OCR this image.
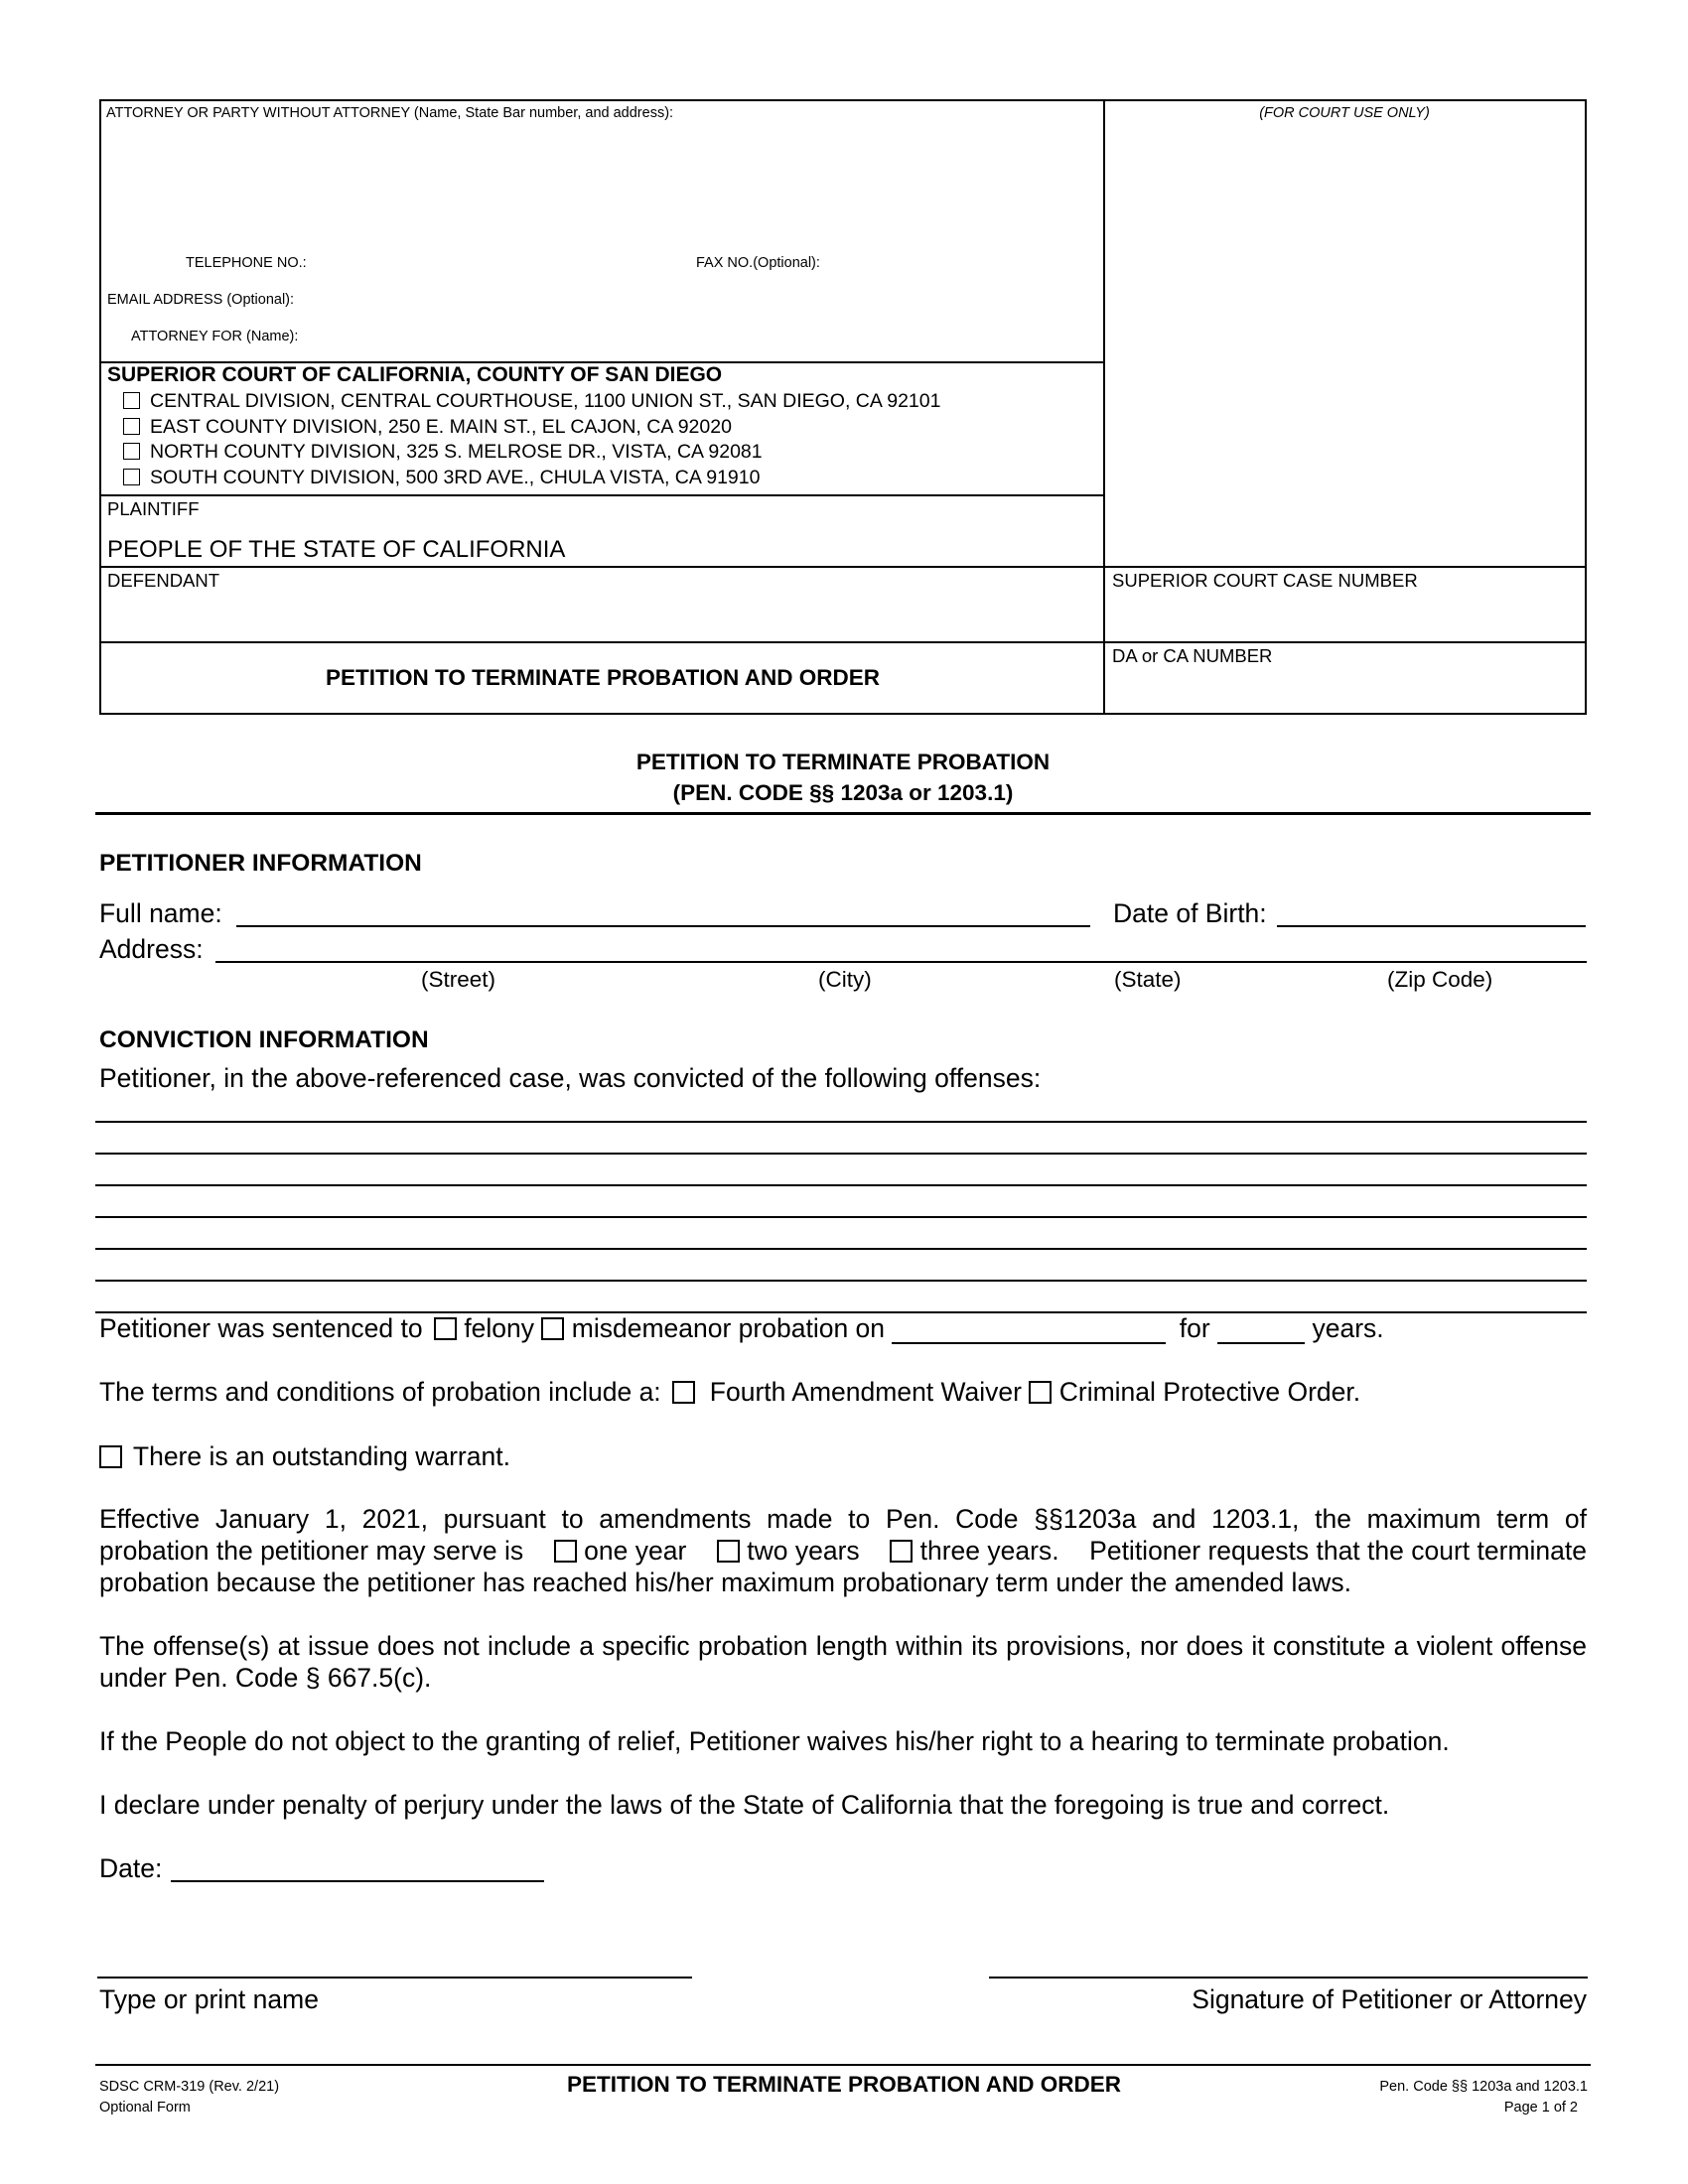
ATTORNEY OR PARTY WITHOUT ATTORNEY (Name, State Bar number, and address):	(FOR COURT USE ONLY)
TELEPHONE NO.:	FAX NO.(Optional):
EMAIL ADDRESS (Optional):
ATTORNEY FOR (Name):
SUPERIOR COURT OF CALIFORNIA, COUNTY OF SAN DIEGO
CENTRAL DIVISION, CENTRAL COURTHOUSE, 1100 UNION ST., SAN DIEGO, CA 92101
EAST COUNTY DIVISION, 250 E. MAIN ST., EL CAJON, CA 92020
NORTH COUNTY DIVISION, 325 S. MELROSE DR., VISTA, CA 92081
SOUTH COUNTY DIVISION, 500 3RD AVE., CHULA VISTA, CA 91910
PLAINTIFF
PEOPLE OF THE STATE OF CALIFORNIA
DEFENDANT	SUPERIOR COURT CASE NUMBER
PETITION TO TERMINATE PROBATION AND ORDER
DA or CA NUMBER
PETITION TO TERMINATE PROBATION
(PEN. CODE §§ 1203a or 1203.1)
PETITIONER INFORMATION
Full name:	Date of Birth:
Address:
(Street)	(City)	(State)	(Zip Code)
CONVICTION INFORMATION
Petitioner, in the above-referenced case, was convicted of the following offenses:
Petitioner was sentenced to felony misdemeanor probation on	for	years.
The terms and conditions of probation include a: Fourth Amendment Waiver Criminal Protective Order.
There is an outstanding warrant.
Effective January 1, 2021, pursuant to amendments made to Pen. Code §§1203a and 1203.1, the maximum term of
probation the petitioner may serve is	one year	two years	three years. Petitioner requests that the court terminate
probation because the petitioner has reached his/her maximum probationary term under the amended laws.
The offense(s) at issue does not include a specific probation length within its provisions, nor does it constitute a violent offense under Pen. Code § 667.5(c).
If the People do not object to the granting of relief, Petitioner waives his/her right to a hearing to terminate probation.
I declare under penalty of perjury under the laws of the State of California that the foregoing is true and correct.
Date:
Type or print name	Signature of Petitioner or Attorney
SDSC CRM-319 (Rev. 2/21)
Optional Form
PETITION TO TERMINATE PROBATION AND ORDER	Pen. Code §§ 1203a and 1203.1
Page 1 of 2
